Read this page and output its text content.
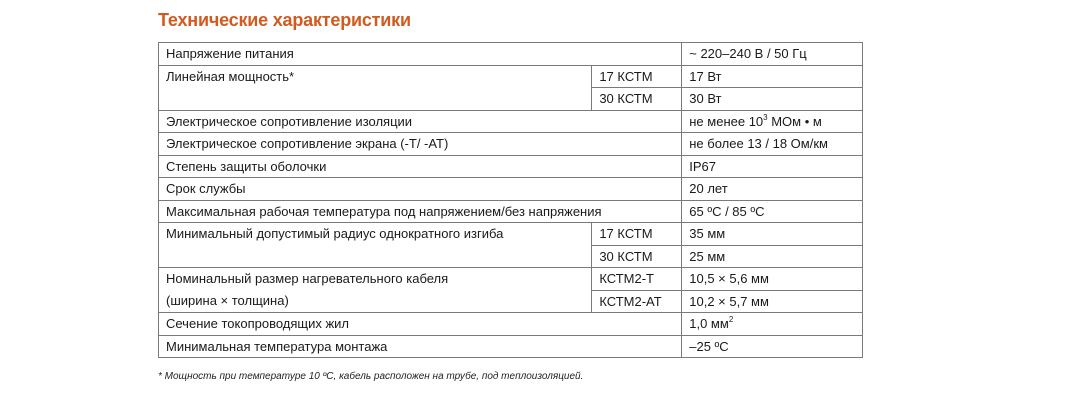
Технические характеристики
Напряжение питания		~ 220–240 В / 50 Гц
Линейная мощность*	17 КСТМ	17 Вт
	30 КСТМ	30 Вт
Электрическое сопротивление изоляции		не менее $10^3$ МОм • м
Электрическое сопротивление экрана (-Т/ -АТ)		не более 13 / 18 Ом/км
Степень защиты оболочки		IP67
Срок службы		20 лет
Максимальная рабочая температура под напряжением/без напряжения		65 ºС / 85 ºС
Минимальный допустимый радиус однократного изгиба	17 КСТМ	35 мм
	30 КСТМ	25 мм
Номинальный размер нагревательного кабеля	КСТМ2-Т	10,5 × 5,6 мм
(ширина × толщина)	КСТМ2-АТ	10,2 × 5,7 мм
Сечение токопроводящих жил		1,0 $мм^2$
Минимальная температура монтажа		–25 ºС
* Мощность при температуре 10 ºС, кабель расположен на трубе, под теплоизоляцией.
